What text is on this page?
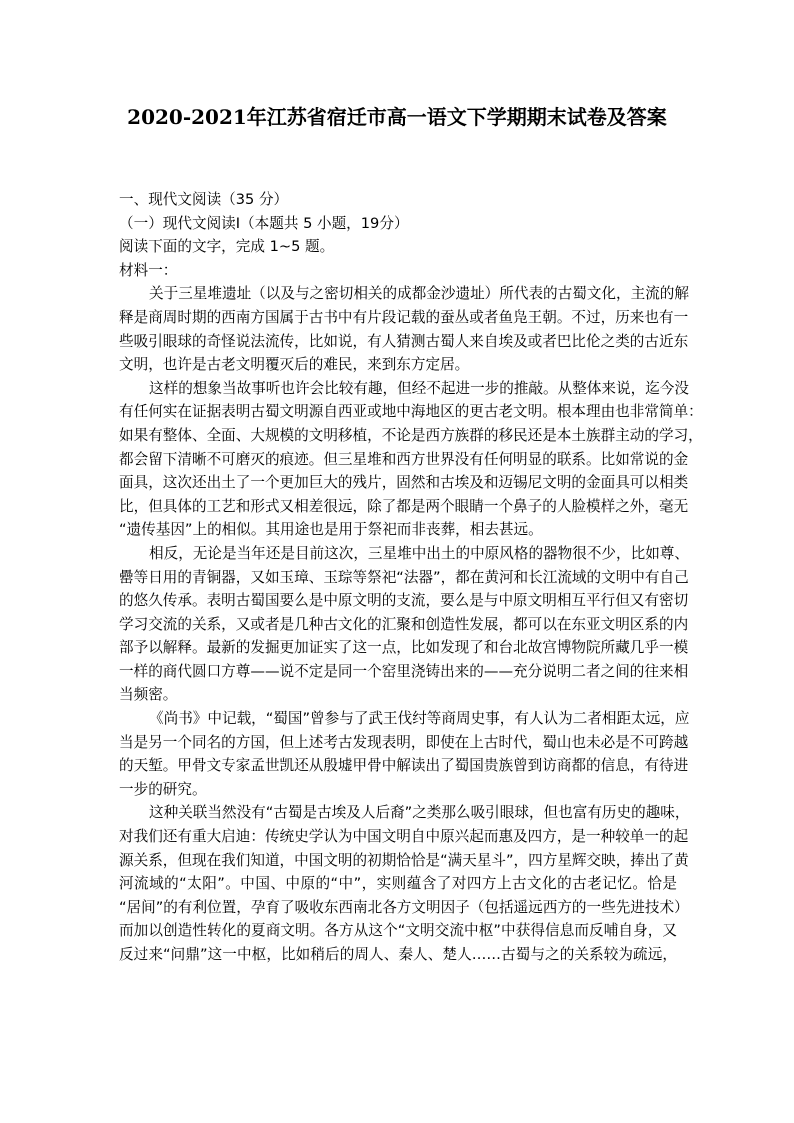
2020-2021年江苏省宿迁市高一语文下学期期末试卷及答案
一、现代文阅读（35 分）
（一）现代文阅读Ⅰ（本题共 5 小题，19分）
阅读下面的文字，完成 1~5 题。
材料一：
关于三星堆遗址（以及与之密切相关的成都金沙遗址）所代表的古蜀文化，主流的解
释是商周时期的西南方国属于古书中有片段记载的蚕丛或者鱼凫王朝。不过，历来也有一
些吸引眼球的奇怪说法流传，比如说，有人猜测古蜀人来自埃及或者巴比伦之类的古近东
文明，也许是古老文明覆灭后的难民，来到东方定居。
这样的想象当故事听也许会比较有趣，但经不起进一步的推敲。从整体来说，迄今没
有任何实在证据表明古蜀文明源自西亚或地中海地区的更古老文明。根本理由也非常简单：
如果有整体、全面、大规模的文明移植，不论是西方族群的移民还是本土族群主动的学习，
都会留下清晰不可磨灭的痕迹。但三星堆和西方世界没有任何明显的联系。比如常说的金
面具，这次还出土了一个更加巨大的残片，固然和古埃及和迈锡尼文明的金面具可以相类
比，但具体的工艺和形式又相差很远，除了都是两个眼睛一个鼻子的人脸模样之外，毫无
“遗传基因”上的相似。其用途也是用于祭祀而非丧葬，相去甚远。
相反，无论是当年还是目前这次，三星堆中出土的中原风格的器物很不少，比如尊、
罍等日用的青铜器，又如玉璋、玉琮等祭祀“法器”，都在黄河和长江流域的文明中有自己
的悠久传承。表明古蜀国要么是中原文明的支流，要么是与中原文明相互平行但又有密切
学习交流的关系，又或者是几种古文化的汇聚和创造性发展，都可以在东亚文明区系的内
部予以解释。最新的发掘更加证实了这一点，比如发现了和台北故宫博物院所藏几乎一模
一样的商代圆口方尊——说不定是同一个窑里浇铸出来的——充分说明二者之间的往来相
当频密。
《尚书》中记载，“蜀国”曾参与了武王伐纣等商周史事，有人认为二者相距太远，应
当是另一个同名的方国，但上述考古发现表明，即使在上古时代，蜀山也未必是不可跨越
的天堑。甲骨文专家孟世凯还从殷墟甲骨中解读出了蜀国贵族曾到访商都的信息，有待进
一步的研究。
这种关联当然没有“古蜀是古埃及人后裔”之类那么吸引眼球，但也富有历史的趣味，
对我们还有重大启迪：传统史学认为中国文明自中原兴起而惠及四方，是一种较单一的起
源关系，但现在我们知道，中国文明的初期恰恰是“满天星斗”，四方星辉交映，捧出了黄
河流域的“太阳”。中国、中原的“中”，实则蕴含了对四方上古文化的古老记忆。恰是
“居间”的有利位置，孕育了吸收东西南北各方文明因子（包括遥远西方的一些先进技术）
而加以创造性转化的夏商文明。各方从这个“文明交流中枢”中获得信息而反哺自身，又
反过来“问鼎”这一中枢，比如稍后的周人、秦人、楚人……古蜀与之的关系较为疏远，
